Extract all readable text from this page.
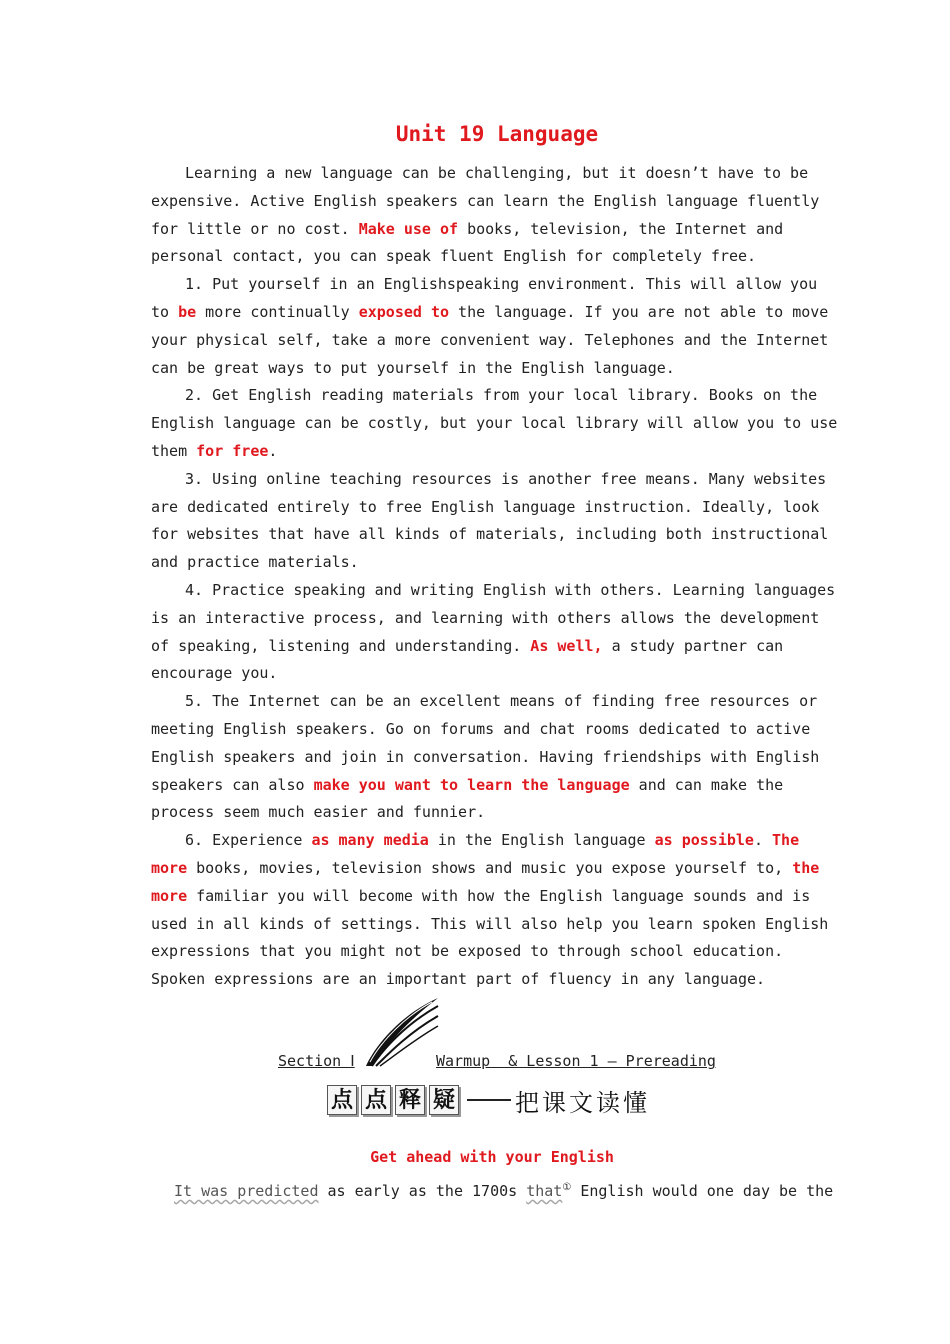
Unit 19 Language

Learning a new language can be challenging, but it doesn’t have to be expensive. Active English speakers can learn the English language fluently for little or no cost. Make use of books, television, the Internet and personal contact, you can speak fluent English for completely free.

1. Put yourself in an Englishspeaking environment. This will allow you to be more continually exposed to the language. If you are not able to move your physical self, take a more convenient way. Telephones and the Internet can be great ways to put yourself in the English language.

2. Get English reading materials from your local library. Books on the English language can be costly, but your local library will allow you to use them for free.

3. Using online teaching resources is another free means. Many websites are dedicated entirely to free English language instruction. Ideally, look for websites that have all kinds of materials, including both instructional and practice materials.

4. Practice speaking and writing English with others. Learning languages is an interactive process, and learning with others allows the development of speaking, listening and understanding. As well, a study partner can encourage you.

5. The Internet can be an excellent means of finding free resources or meeting English speakers. Go on forums and chat rooms dedicated to active English speakers and join in conversation. Having friendships with English speakers can also make you want to learn the language and can make the process seem much easier and funnier.

6. Experience as many media in the English language as possible. The more books, movies, television shows and music you expose yourself to, the more familiar you will become with how the English language sounds and is used in all kinds of settings. This will also help you learn spoken English expressions that you might not be exposed to through school education. Spoken expressions are an important part of fluency in any language.

Section Ⅰ	Warmup  & Lesson 1 — Prereading
点 点 释 疑	把课文读懂
Get ahead with your English
It was predicted as early as the 1700s that① English would one day be the
